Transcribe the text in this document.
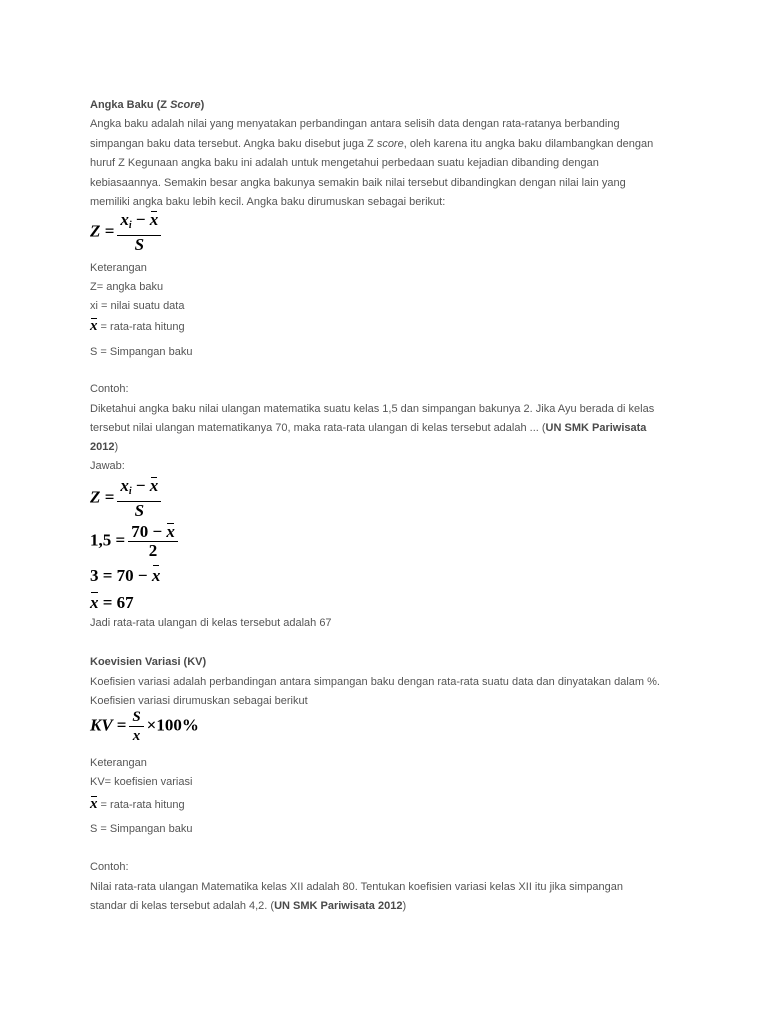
Angka Baku (Z Score)
Angka baku adalah nilai yang menyatakan perbandingan antara selisih data dengan rata-ratanya berbanding
simpangan baku data tersebut. Angka baku disebut juga Z score, oleh karena itu angka baku dilambangkan dengan
huruf Z Kegunaan angka baku ini adalah untuk mengetahui perbedaan suatu kejadian dibanding dengan
kebiasaannya. Semakin besar angka bakunya semakin baik nilai tersebut dibandingkan dengan nilai lain yang
memiliki angka baku lebih kecil. Angka baku dirumuskan sebagai berikut:
$Z = \frac{x_i - x}{S}$
Keterangan
Z= angka baku
xi = nilai suatu data
x = rata-rata hitung
S = Simpangan baku
Contoh:
Diketahui angka baku nilai ulangan matematika suatu kelas 1,5 dan simpangan bakunya 2. Jika Ayu berada di kelas
tersebut nilai ulangan matematikanya 70, maka rata-rata ulangan di kelas tersebut adalah ... (UN SMK Pariwisata
2012)
Jawab:
$Z = \frac{x_i - x}{S}$
$1,5 = \frac{70 - x}{2}$
3 = 70 − x
x = 67
Jadi rata-rata ulangan di kelas tersebut adalah 67
Koevisien Variasi (KV)
Koefisien variasi adalah perbandingan antara simpangan baku dengan rata-rata suatu data dan dinyatakan dalam %.
Koefisien variasi dirumuskan sebagai berikut
KV = $\frac{S}{x} \times 100\%$
Keterangan
KV= koefisien variasi
x = rata-rata hitung
S = Simpangan baku
Contoh:
Nilai rata-rata ulangan Matematika kelas XII adalah 80. Tentukan koefisien variasi kelas XII itu jika simpangan
standar di kelas tersebut adalah 4,2. (UN SMK Pariwisata 2012)
